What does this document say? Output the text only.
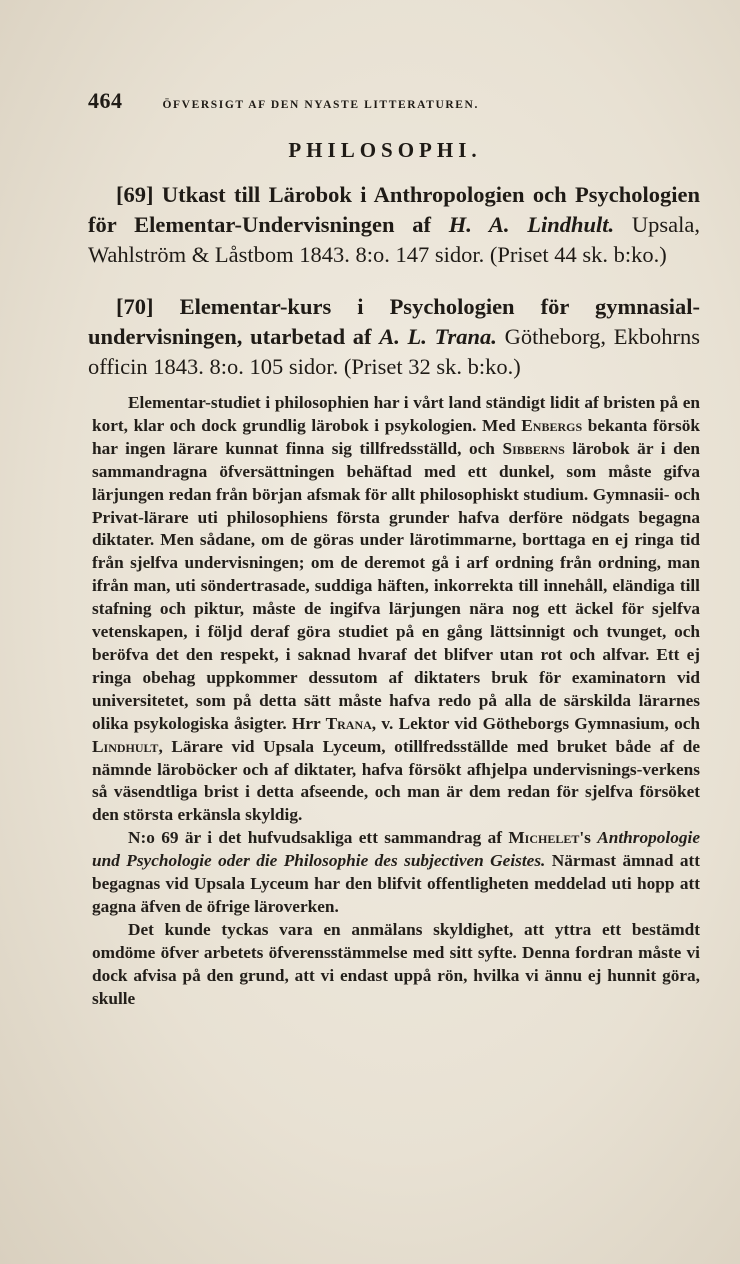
464	ÖFVERSIGT AF DEN NYASTE LITTERATUREN.
PHILOSOPHI.
[69] Utkast till Lärobok i Anthropologien och Psychologien för Elementar-Undervisningen af H. A. Lindhult. Upsala, Wahlström & Låstbom 1843. 8:o. 147 sidor. (Priset 44 sk. b:ko.)
[70] Elementar-kurs i Psychologien för gymnasial-undervisningen, utarbetad af A. L. Trana. Götheborg, Ekbohrns officin 1843. 8:o. 105 sidor. (Priset 32 sk. b:ko.)

Elementar-studiet i philosophien har i vårt land ständigt lidit af bristen på en kort, klar och dock grundlig lärobok i psykologien. Med Enbergs bekanta försök har ingen lärare kunnat finna sig tillfredsställd, och Sibberns lärobok är i den sammandragna öfversättningen behäftad med ett dunkel, som måste gifva lärjungen redan från början afsmak för allt philosophiskt studium. Gymnasii- och Privat-lärare uti philosophiens första grunder hafva derföre nödgats begagna diktater. Men sådane, om de göras under lärotimmarne, borttaga en ej ringa tid från sjelfva undervisningen; om de deremot gå i arf ordning från ordning, man ifrån man, uti söndertrasade, suddiga häften, inkorrekta till innehåll, eländiga till stafning och piktur, måste de ingifva lärjungen nära nog ett äckel för sjelfva vetenskapen, i följd deraf göra studiet på en gång lättsinnigt och tvunget, och beröfva det den respekt, i saknad hvaraf det blifver utan rot och alfvar. Ett ej ringa obehag uppkommer dessutom af diktaters bruk för examinatorn vid universitetet, som på detta sätt måste hafva redo på alla de särskilda lärarnes olika psykologiska åsigter. Hrr Trana, v. Lektor vid Götheborgs Gymnasium, och Lindhult, Lärare vid Upsala Lyceum, otillfredsställde med bruket både af de nämnde läroböcker och af diktater, hafva försökt afhjelpa undervisnings-verkens så väsendtliga brist i detta afseende, och man är dem redan för sjelfva försöket den största erkänsla skyldig.

N:o 69 är i det hufvudsakliga ett sammandrag af Michelet's Anthropologie und Psychologie oder die Philosophie des subjectiven Geistes. Närmast ämnad att begagnas vid Upsala Lyceum har den blifvit offentligheten meddelad uti hopp att gagna äfven de öfrige läroverken.

Det kunde tyckas vara en anmälans skyldighet, att yttra ett bestämdt omdöme öfver arbetets öfverensstämmelse med sitt syfte. Denna fordran måste vi dock afvisa på den grund, att vi endast uppå rön, hvilka vi ännu ej hunnit göra, skulle
